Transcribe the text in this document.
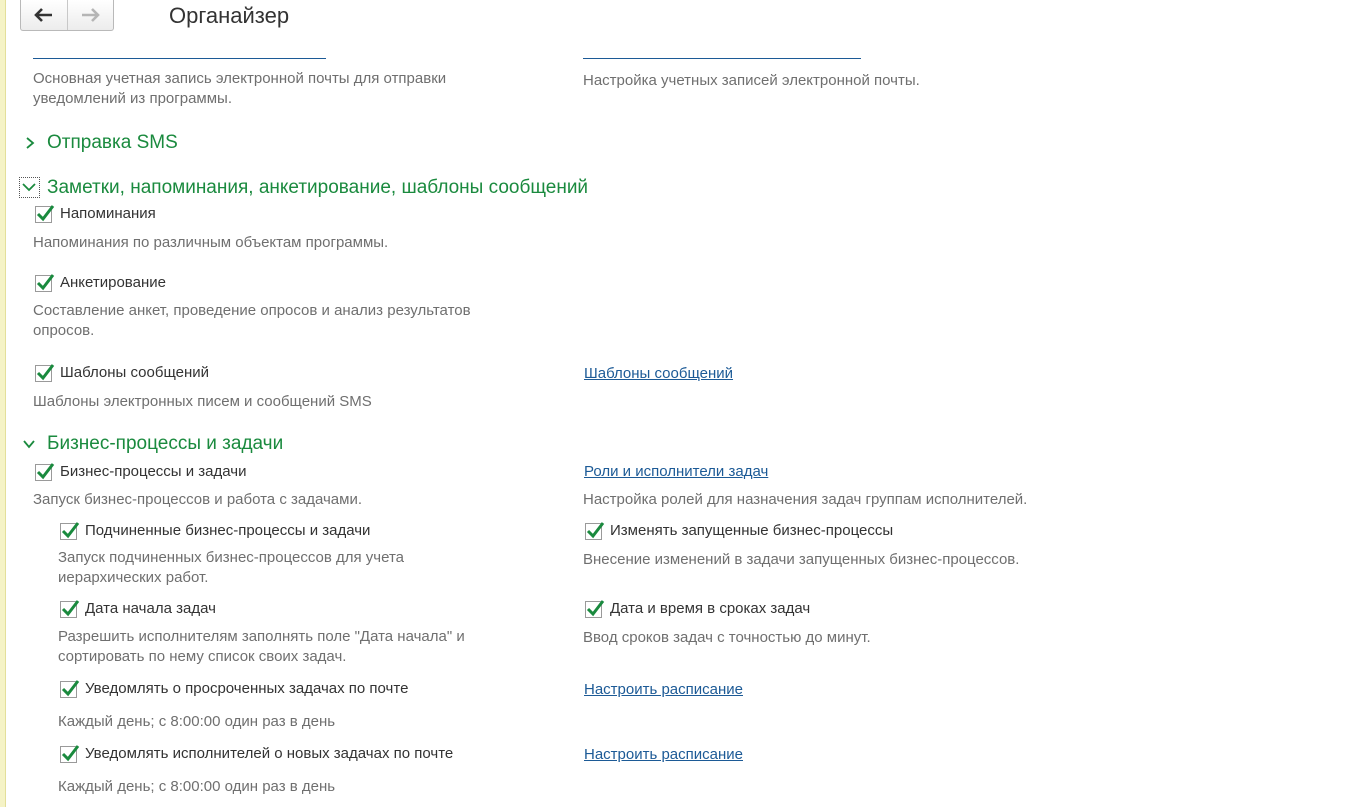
Органайзер
Основная учетная запись электронной почты для отправки уведомлений из программы.
Настройка учетных записей электронной почты.
Отправка SMS
Заметки, напоминания, анкетирование, шаблоны сообщений
Напоминания
Напоминания по различным объектам программы.
Анкетирование
Составление анкет, проведение опросов и анализ результатов опросов.
Шаблоны сообщений
Шаблоны электронных писем и сообщений SMS
Шаблоны сообщений
Бизнес-процессы и задачи
Бизнес-процессы и задачи
Запуск бизнес-процессов и работа с задачами.
Роли и исполнители задач
Настройка ролей для назначения задач группам исполнителей.
Подчиненные бизнес-процессы и задачи
Запуск подчиненных бизнес-процессов для учета иерархических работ.
Изменять запущенные бизнес-процессы
Внесение изменений в задачи запущенных бизнес-процессов.
Дата начала задач
Разрешить исполнителям заполнять поле "Дата начала" и сортировать по нему список своих задач.
Дата и время в сроках задач
Ввод сроков задач с точностью до минут.
Уведомлять о просроченных задачах по почте	Настроить расписание
Каждый день; с 8:00:00 один раз в день
Уведомлять исполнителей о новых задачах по почте	Настроить расписание
Каждый день; с 8:00:00 один раз в день
